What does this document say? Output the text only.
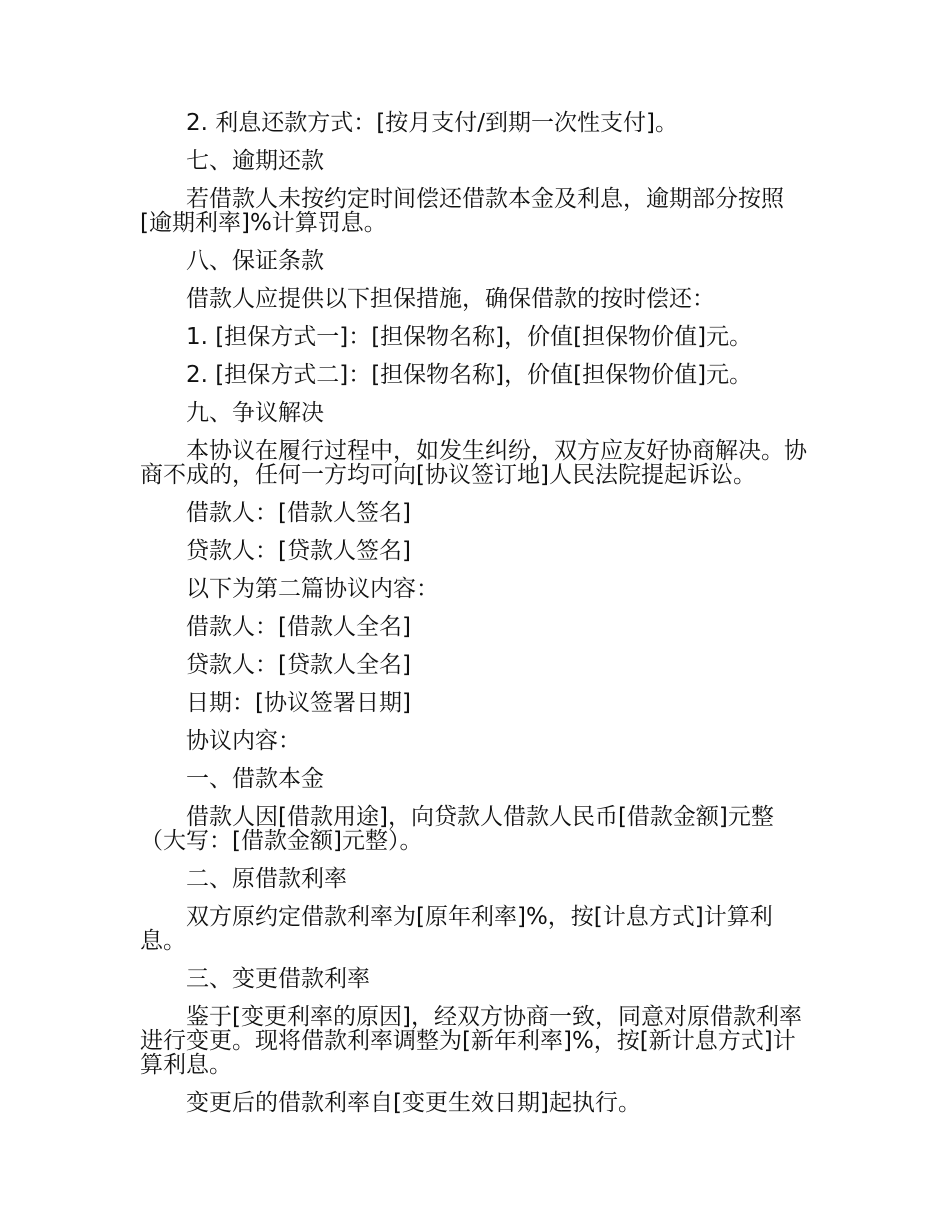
2. 利息还款方式：[按月支付/到期一次性支付]。

七、逾期还款

若借款人未按约定时间偿还借款本金及利息，逾期部分按照[逾期利率]%计算罚息。

八、保证条款

借款人应提供以下担保措施，确保借款的按时偿还：

1. [担保方式一]：[担保物名称]，价值[担保物价值]元。

2. [担保方式二]：[担保物名称]，价值[担保物价值]元。

九、争议解决

本协议在履行过程中，如发生纠纷，双方应友好协商解决。协商不成的，任何一方均可向[协议签订地]人民法院提起诉讼。

借款人：[借款人签名]

贷款人：[贷款人签名]

以下为第二篇协议内容：

借款人：[借款人全名]

贷款人：[贷款人全名]

日期：[协议签署日期]

协议内容：

一、借款本金

借款人因[借款用途]，向贷款人借款人民币[借款金额]元整（大写：[借款金额]元整）。

二、原借款利率

双方原约定借款利率为[原年利率]%，按[计息方式]计算利息。

三、变更借款利率

鉴于[变更利率的原因]，经双方协商一致，同意对原借款利率进行变更。现将借款利率调整为[新年利率]%，按[新计息方式]计算利息。

变更后的借款利率自[变更生效日期]起执行。
